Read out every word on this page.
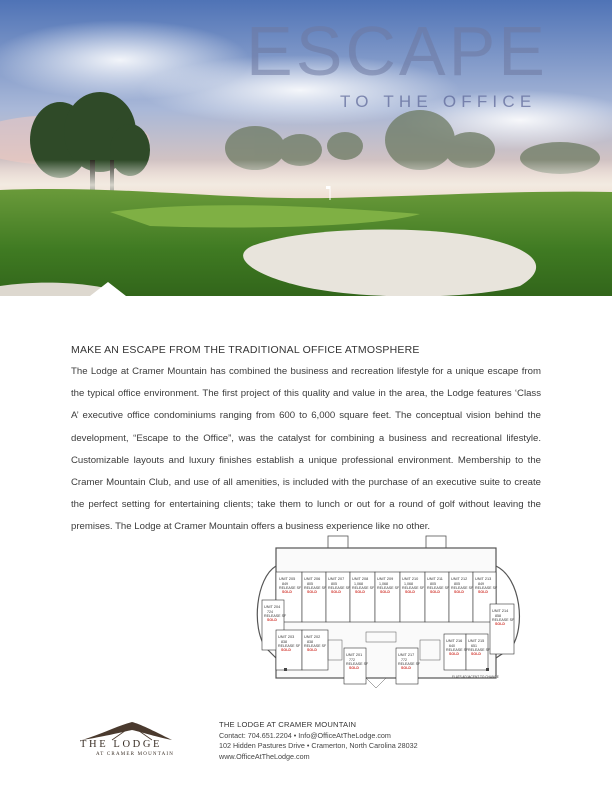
ESCAPE
TO THE OFFICE
MAKE AN ESCAPE FROM THE TRADITIONAL OFFICE ATMOSPHERE
The Lodge at Cramer Mountain has combined the business and recreation lifestyle for a unique escape from the typical office environment. The first project of this quality and value in the area, the Lodge features ‘Class A’ executive office condominiums ranging from 600 to 6,000 square feet. The conceptual vision behind the development, “Escape to the Office”, was the catalyst for combining a business and recreational lifestyle. Customizable layouts and luxury finishes establish a unique professional environment. Membership to the Cramer Mountain Club, and use of all amenities, is included with the purchase of an executive suite to create the perfect setting for entertaining clients; take them to lunch or out for a round of golf without leaving the premises. The Lodge at Cramer Mountain offers a business experience like no other.
UNIT 205
849
RELEASE SF
SOLD
UNIT 206
805
RELEASE SF
SOLD
UNIT 207
805
RELEASE SF
SOLD
UNIT 208
1,068
RELEASE SF
SOLD
UNIT 209
1,068
RELEASE SF
SOLD
UNIT 210
1,068
RELEASE SF
SOLD
UNIT 211
805
RELEASE SF
SOLD
UNIT 212
805
RELEASE SF
SOLD
UNIT 213
849
RELEASE SF
SOLD
UNIT 204
724
RELEASE SF
SOLD
UNIT 214
858
RELEASE SF
SOLD
UNIT 203
838
RELEASE SF
SOLD
UNIT 202
838
RELEASE SF
SOLD
UNIT 201
772
RELEASE SF
SOLD
UNIT 217
772
RELEASE SF
SOLD
UNIT 216
640
RELEASE SF
SOLD
UNIT 215
651
RELEASE SF
SOLD
FLATS ADJACENT TO CHANGE
THE LODGE
AT CRAMER MOUNTAIN
THE LODGE AT CRAMER MOUNTAIN
Contact: 704.651.2204 • Info@OfficeAtTheLodge.com
102 Hidden Pastures Drive • Cramerton, North Carolina 28032
www.OfficeAtTheLodge.com
